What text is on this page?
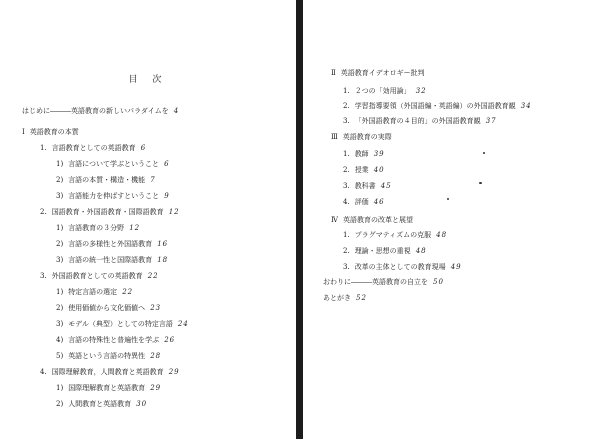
目 次
はじめに―――英語教育の新しいパラダイムを 4
Ⅰ 英語教育の本質
1. 言語教育としての英語教育 6
1) 言語について学ぶということ 6
2) 言語の本質・構造・機能 7
3) 言語能力を伸ばすということ 9
2. 国語教育・外国語教育・国際語教育 12
1) 言語教育の３分野 12
2) 言語の多様性と外国語教育 16
3) 言語の統一性と国際語教育 18
3. 外国語教育としての英語教育 22
1) 特定言語の選定 22
2) 使用価値から文化価値へ 23
3) モデル（典型）としての特定言語 24
4) 言語の特殊性と普遍性を学ぶ 26
5) 英語という言語の特異性 28
4. 国際理解教育，人間教育と英語教育 29
1) 国際理解教育と英語教育 29
2) 人間教育と英語教育 30
Ⅱ 英語教育イデオロギー批判
1. ２つの「効用論」 32
2. 学習指導要領（外国語編・英語編）の外国語教育観 34
3. 「外国語教育の４目的」の外国語教育観 37
Ⅲ 英語教育の実際
1. 教師 39
2. 授業 40
3. 教科書 45
4. 評価 46
Ⅳ 英語教育の改革と展望
1. プラグマティズムの克服 48
2. 理論・思想の重視 48
3. 改革の主体としての教育現場 49
おわりに―――英語教育の自立を 50
あとがき 52
